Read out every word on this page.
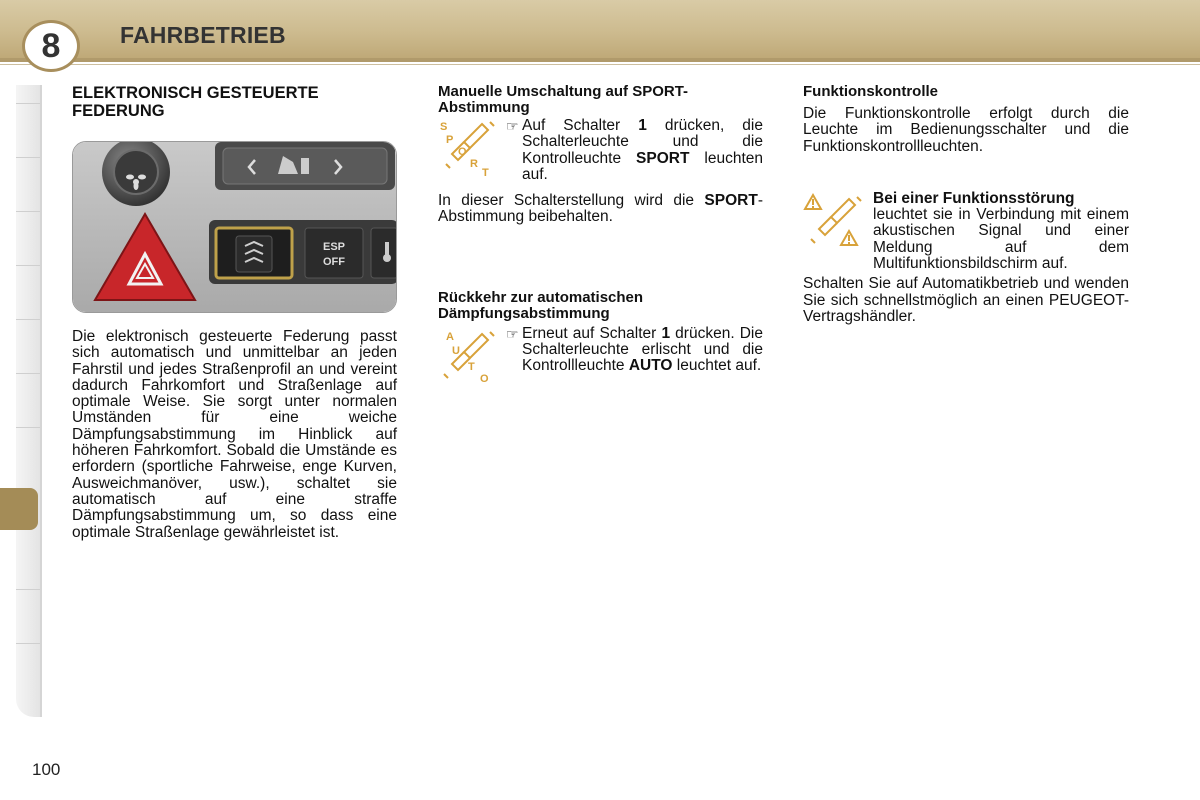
8	FAHRBETRIEB

ELEKTRONISCH GESTEUERTE FEDERUNG

ESP
OFF

Die elektronisch gesteuerte Federung passt sich automatisch und unmittelbar an jeden Fahrstil und jedes Straßenprofil an und vereint dadurch Fahrkomfort und Straßenlage auf optimale Weise. Sie sorgt unter normalen Umständen für eine weiche Dämpfungsabstimmung im Hinblick auf höheren Fahrkomfort. Sobald die Umstände es erfordern (sportliche Fahrweise, enge Kurven, Ausweichmanöver, usw.), schaltet sie automatisch auf eine straffe Dämpfungsabstimmung um, so dass eine optimale Straßenlage gewährleistet ist.

Manuelle Umschaltung auf SPORT-Abstimmung

S
P
O
R
T
☞ Auf Schalter 1 drücken, die Schalterleuchte und die Kontrolleuchte SPORT leuchten auf.

In dieser Schalterstellung wird die SPORT-Abstimmung beibehalten.

Rückkehr zur automatischen Dämpfungsabstimmung

A
U
T
O
☞ Erneut auf Schalter 1 drücken. Die Schalterleuchte erlischt und die Kontrollleuchte AUTO leuchtet auf.

Funktionskontrolle

Die Funktionskontrolle erfolgt durch die Leuchte im Bedienungsschalter und die Funktionskontrollleuchten.

Bei einer Funktionsstörung
leuchtet sie in Verbindung mit einem akustischen Signal und einer Meldung auf dem Multifunktionsbildschirm auf.

Schalten Sie auf Automatikbetrieb und wenden Sie sich schnellstmöglich an einen PEUGEOT-Vertragshändler.

100
